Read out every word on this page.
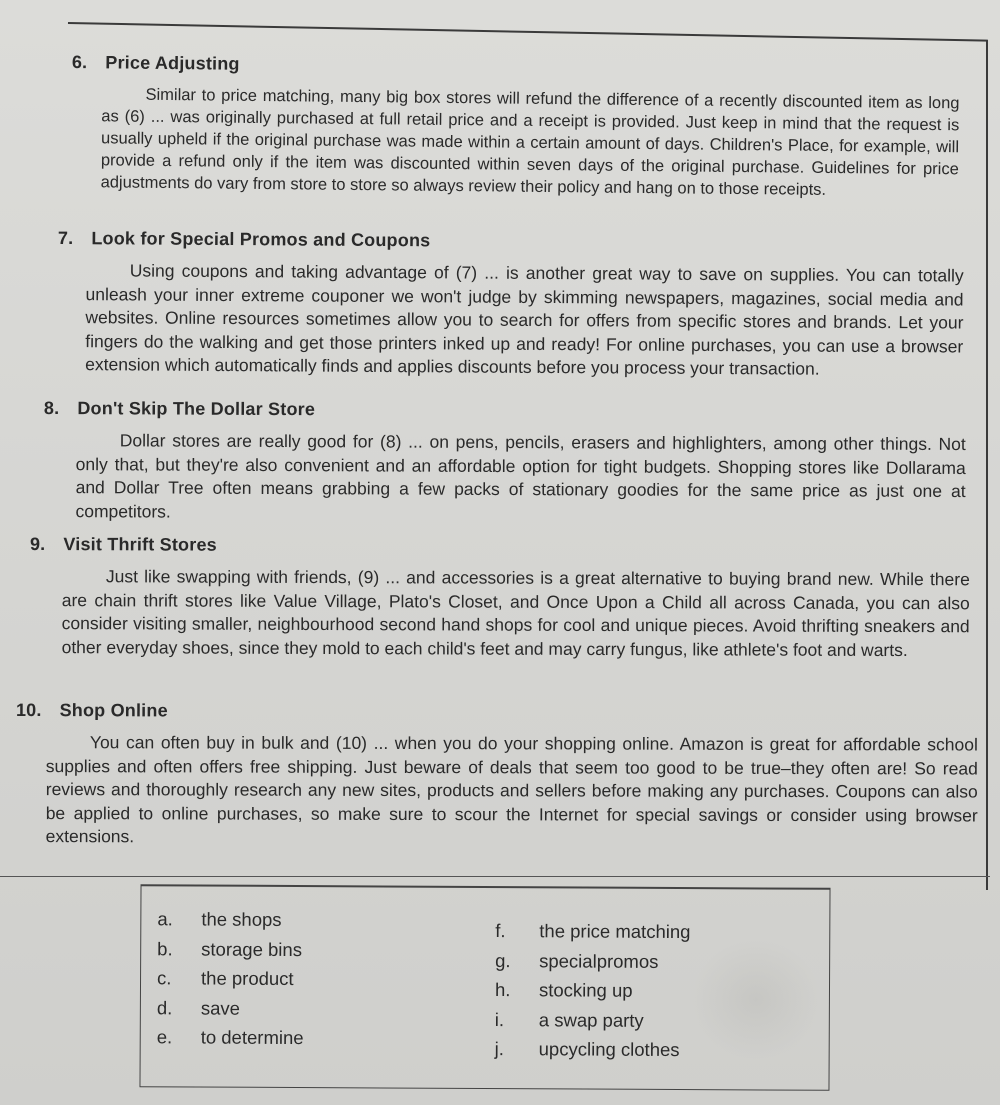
6. Price Adjusting

Similar to price matching, many big box stores will refund the difference of a recently discounted item as long as (6) ... was originally purchased at full retail price and a receipt is provided. Just keep in mind that the request is usually upheld if the original purchase was made within a certain amount of days. Children's Place, for example, will provide a refund only if the item was discounted within seven days of the original purchase. Guidelines for price adjustments do vary from store to store so always review their policy and hang on to those receipts.

7. Look for Special Promos and Coupons

Using coupons and taking advantage of (7) ... is another great way to save on supplies. You can totally unleash your inner extreme couponer we won't judge by skimming newspapers, magazines, social media and websites. Online resources sometimes allow you to search for offers from specific stores and brands. Let your fingers do the walking and get those printers inked up and ready! For online purchases, you can use a browser extension which automatically finds and applies discounts before you process your transaction.

8. Don't Skip The Dollar Store

Dollar stores are really good for (8) ... on pens, pencils, erasers and highlighters, among other things. Not only that, but they're also convenient and an affordable option for tight budgets. Shopping stores like Dollarama and Dollar Tree often means grabbing a few packs of stationary goodies for the same price as just one at competitors.

9. Visit Thrift Stores

Just like swapping with friends, (9) ... and accessories is a great alternative to buying brand new. While there are chain thrift stores like Value Village, Plato's Closet, and Once Upon a Child all across Canada, you can also consider visiting smaller, neighbourhood second hand shops for cool and unique pieces. Avoid thrifting sneakers and other everyday shoes, since they mold to each child's feet and may carry fungus, like athlete's foot and warts.

10. Shop Online

You can often buy in bulk and (10) ... when you do your shopping online. Amazon is great for affordable school supplies and often offers free shipping. Just beware of deals that seem too good to be true–they often are! So read reviews and thoroughly research any new sites, products and sellers before making any purchases. Coupons can also be applied to online purchases, so make sure to scour the Internet for special savings or consider using browser extensions.

a.	the shops
b.	storage bins
c.	the product
d.	save
e.	to determine
f.	the price matching
g.	specialpromos
h.	stocking up
i.	a swap party
j.	upcycling clothes
